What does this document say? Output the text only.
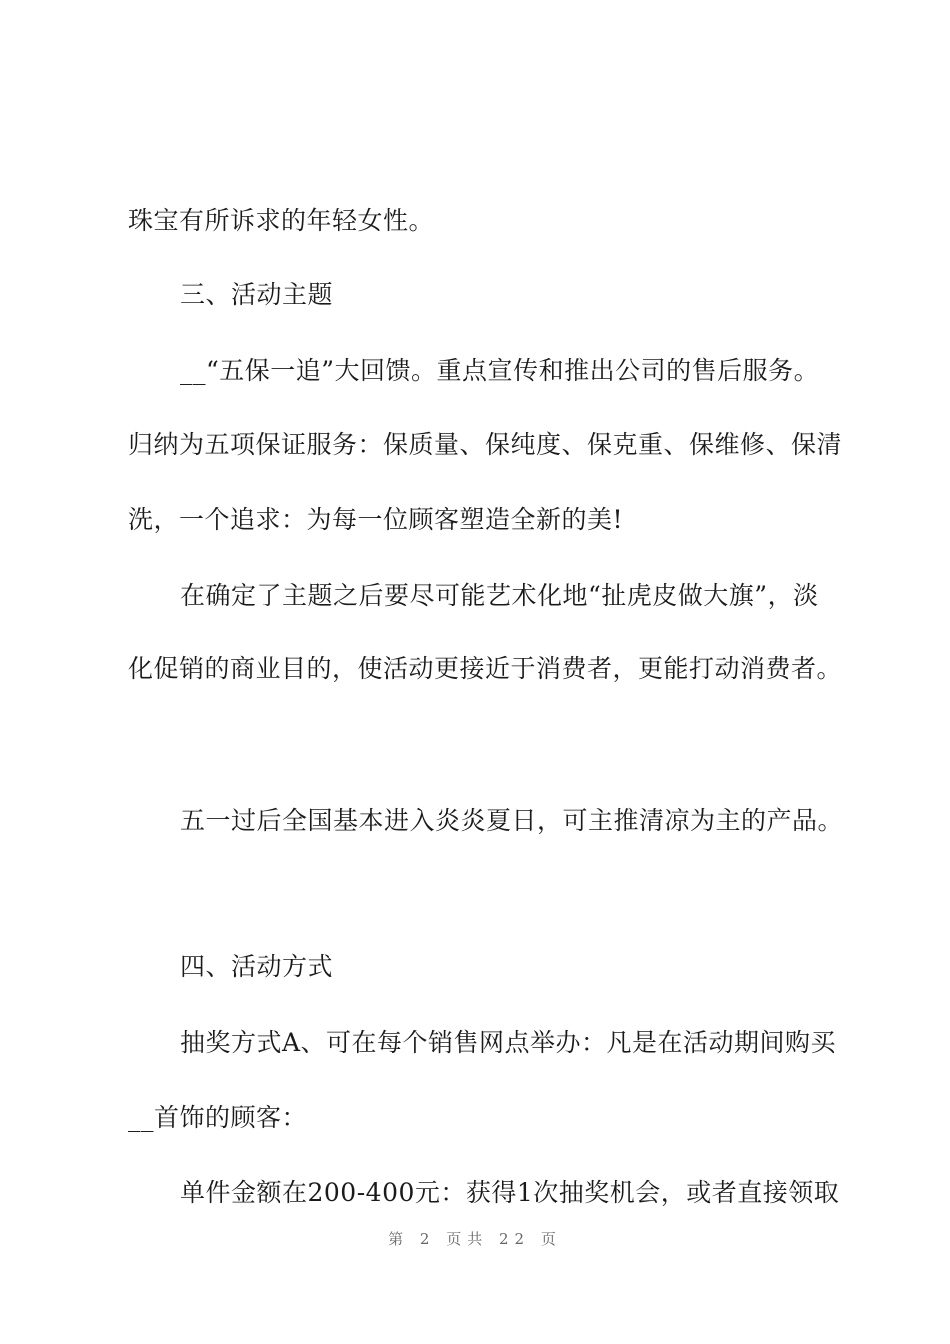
珠宝有所诉求的年轻女性。

三、活动主题

__“五保一追”大回馈。重点宣传和推出公司的售后服务。

归纳为五项保证服务：保质量、保纯度、保克重、保维修、保清

洗，一个追求：为每一位顾客塑造全新的美!

在确定了主题之后要尽可能艺术化地“扯虎皮做大旗”，淡

化促销的商业目的，使活动更接近于消费者，更能打动消费者。

五一过后全国基本进入炎炎夏日，可主推清凉为主的产品。

四、活动方式

抽奖方式A、可在每个销售网点举办：凡是在活动期间购买

__首饰的顾客：

单件金额在200-400元：获得1次抽奖机会，或者直接领取

第 2 页共 22 页
